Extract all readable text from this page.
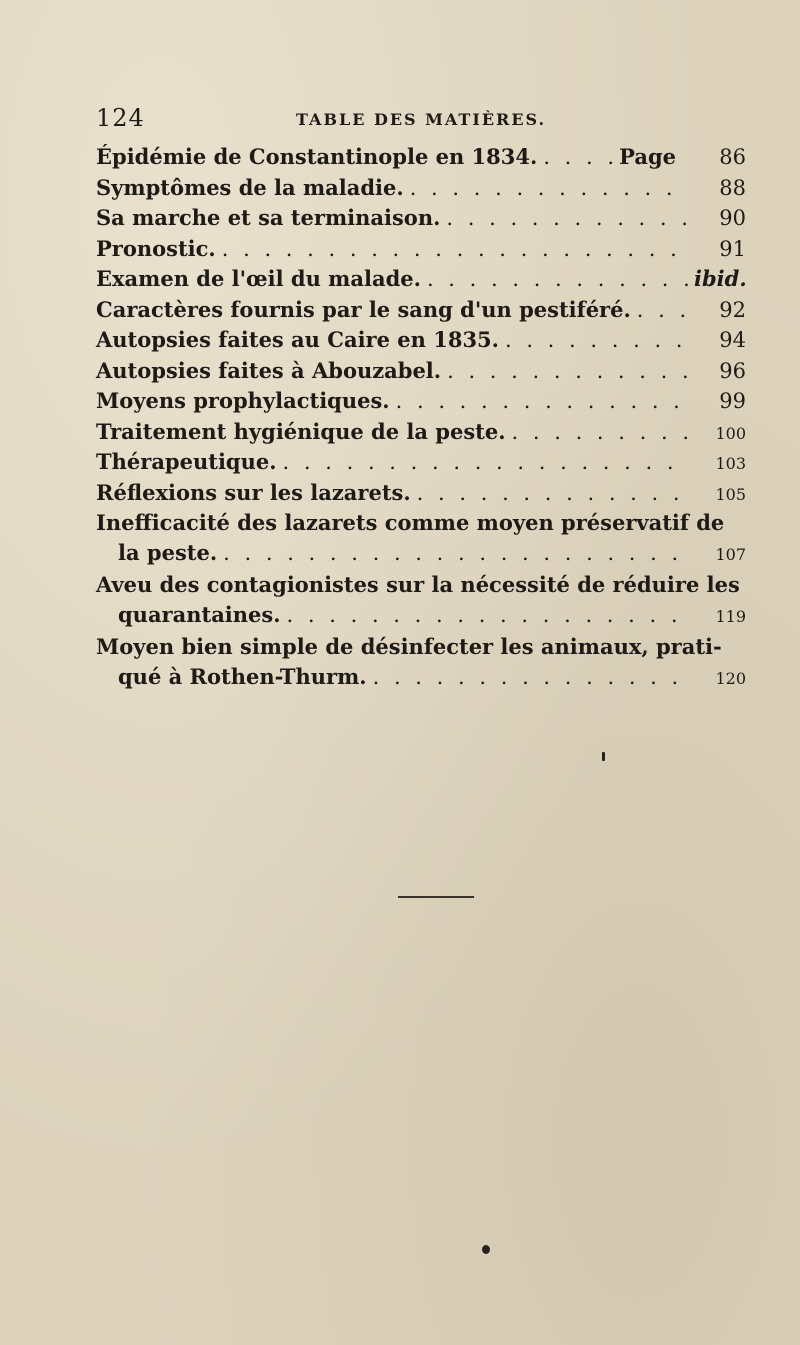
124	TABLE DES MATIÈRES.
Épidémie de Constantinople en 1834. . . .	Page	86
Symptômes de la maladie. . . .	88
Sa marche et sa terminaison. . . .	90
Pronostic. . . .	91
Examen de l'œil du malade. . . .	ibid.
Caractères fournis par le sang d'un pestiféré. . . .	92
Autopsies faites au Caire en 1835. . . .	94
Autopsies faites à Abouzabel. . . .	96
Moyens prophylactiques. . . .	99
Traitement hygiénique de la peste. . . .	100
Thérapeutique. . . .	103
Réflexions sur les lazarets. . . .	105
Inefficacité des lazarets comme moyen préservatif de
la peste. . . .	107
Aveu des contagionistes sur la nécessité de réduire les
quarantaines. . . .	119
Moyen bien simple de désinfecter les animaux, prati-
qué à Rothen-Thurm. . . .	120
